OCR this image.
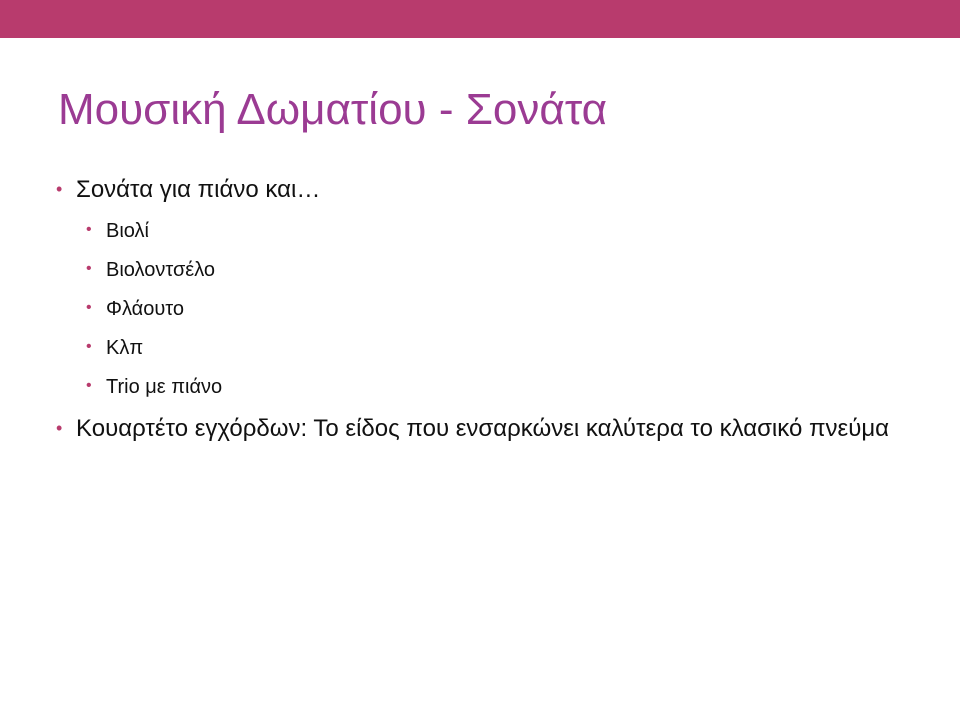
Μουσική Δωματίου - Σονάτα
• Σονάτα για πιάνο και…
• Βιολί
• Βιολοντσέλο
• Φλάουτο
• Κλπ
• Trio με πιάνο
• Κουαρτέτο εγχόρδων: Το είδος που ενσαρκώνει καλύτερα το κλασικό πνεύμα
